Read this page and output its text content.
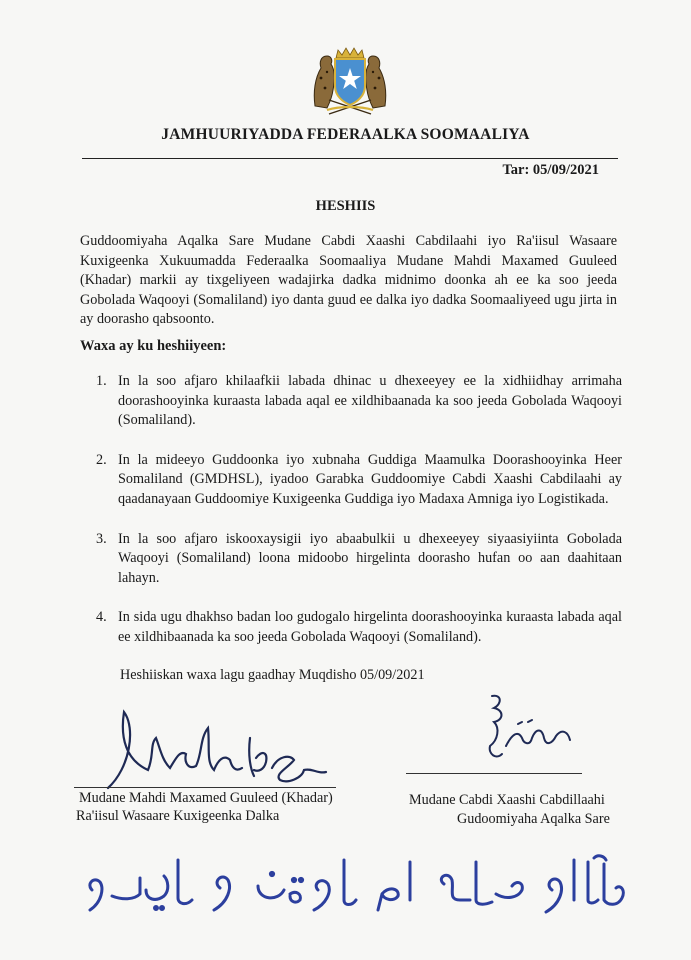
JAMHUURIYADDA FEDERAALKA SOOMAALIYA
Tar: 05/09/2021
HESHIIS
Guddoomiyaha Aqalka Sare Mudane Cabdi Xaashi Cabdilaahi iyo Ra'iisul Wasaare Kuxigeenka Xukuumadda Federaalka Soomaaliya Mudane Mahdi Maxamed Guuleed (Khadar) markii ay tixgeliyeen wadajirka dadka midnimo doonka ah ee ka soo jeeda Gobolada Waqooyi (Somaliland) iyo danta guud ee dalka iyo dadka Soomaaliyeed ugu jirta in ay doorasho qabsoonto.
Waxa ay ku heshiiyeen:
1. In la soo afjaro khilaafkii labada dhinac u dhexeeyey ee la xidhiidhay arrimaha doorashooyinka kuraasta labada aqal ee xildhibaanada ka soo jeeda Gobolada Waqooyi (Somaliland).
2. In la mideeyo Guddoonka iyo xubnaha Guddiga Maamulka Doorashooyinka Heer Somaliland (GMDHSL), iyadoo Garabka Guddoomiye Cabdi Xaashi Cabdilaahi ay qaadanayaan Guddoomiye Kuxigeenka Guddiga iyo Madaxa Amniga iyo Logistikada.
3. In la soo afjaro iskooxaysigii iyo abaabulkii u dhexeeyey siyaasiyiinta Gobolada Waqooyi (Somaliland) loona midoobo hirgelinta doorasho hufan oo aan daahitaan lahayn.
4. In sida ugu dhakhso badan loo gudogalo hirgelinta doorashooyinka kuraasta labada aqal ee xildhibaanada ka soo jeeda Gobolada Waqooyi (Somaliland).
Heshiiskan waxa lagu gaadhay Muqdisho 05/09/2021
Mudane Mahdi Maxamed Guuleed (Khadar)
Ra'iisul Wasaare Kuxigeenka Dalka
Mudane Cabdi Xaashi Cabdillaahi
Gudoomiyaha Aqalka Sare
